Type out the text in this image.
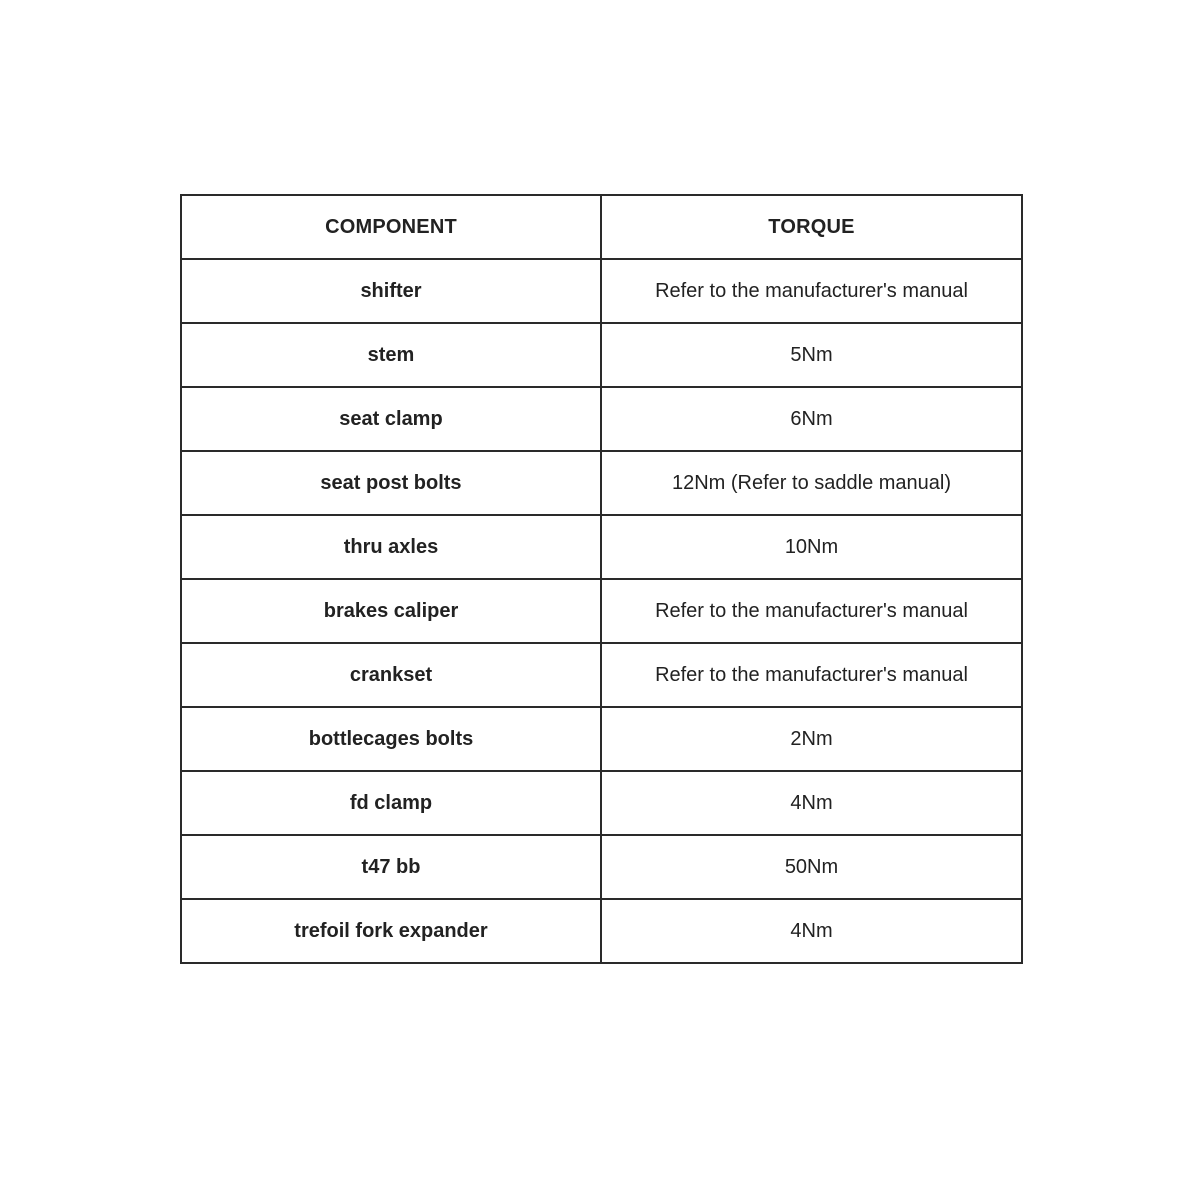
COMPONENT	TORQUE
shifter	Refer to the manufacturer's manual
stem	5Nm
seat clamp	6Nm
seat post bolts	12Nm (Refer to saddle manual)
thru axles	10Nm
brakes caliper	Refer to the manufacturer's manual
crankset	Refer to the manufacturer's manual
bottlecages bolts	2Nm
fd clamp	4Nm
t47 bb	50Nm
trefoil fork expander	4Nm
